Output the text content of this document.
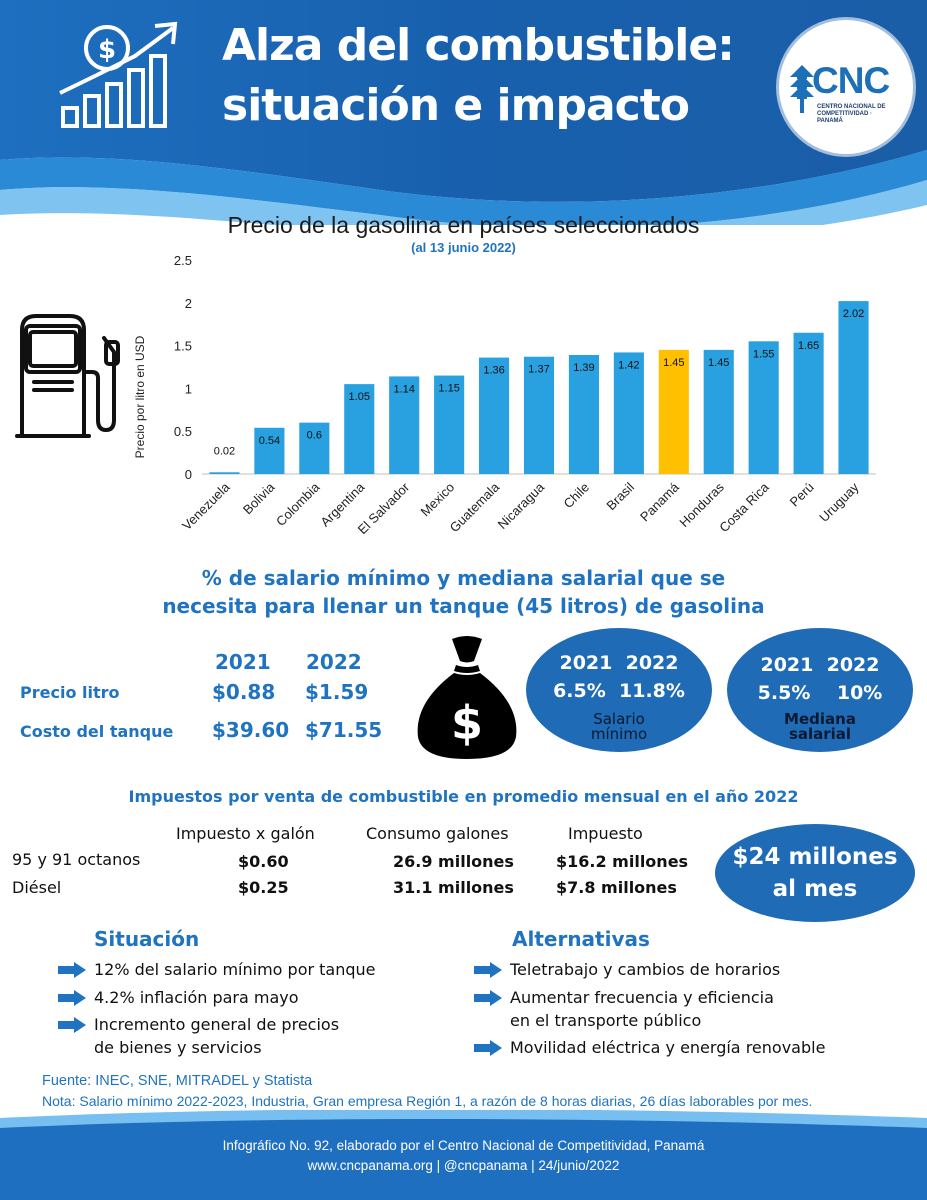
$ Alza del combustible:
situación e impacto	CNC
CENTRO NACIONAL DE
COMPETITIVIDAD · PANAMÁ
Precio de la gasolina en países seleccionados
(al 13 junio 2022)
Precio por litro en USD
0
0.5
1
1.5
2
2.5
0.02
0.54 0.6
1.05
1.14 1.15
1.36 1.37 1.39 1.42 1.45 1.45
1.55
1.65
2.02
Venezuela Bolivia
Colombia
Argentina
El Salvador Mexico
Guatemala
Nicaragua Chile Brasil Panamá
Honduras
Costa Rica Perú Uruguay
% de salario mínimo y mediana salarial que se
necesita para llenar un tanque (45 litros) de gasolina
2021 2022
Precio litro	$0.88 $1.59
Costo del tanque $39.60 $71.55 $
2021 2022
6.5% 11.8%
Salario
mínimo
2021 2022
5.5% 10%
Mediana
salarial
Impuestos por venta de combustible en promedio mensual en el año 2022
Impuesto x galón	Consumo galones	Impuesto
95 y 91 octanos	$0.60	26.9 millones	$16.2 millones
Diésel	$0.25	31.1 millones	$7.8 millones
$24 millones
al mes
Situación	Alternativas
12% del salario mínimo por tanque
4.2% inflación para mayo
Incremento general de precios
de bienes y servicios
Teletrabajo y cambios de horarios
Aumentar frecuencia y eficiencia
en el transporte público
Movilidad eléctrica y energía renovable
Fuente: INEC, SNE, MITRADEL y Statista
Nota: Salario mínimo 2022-2023, Industria, Gran empresa Región 1, a razón de 8 horas diarias, 26 días laborables por mes.
Infográfico No. 92, elaborado por el Centro Nacional de Competitividad, Panamá
www.cncpanama.org | @cncpanama | 24/junio/2022
